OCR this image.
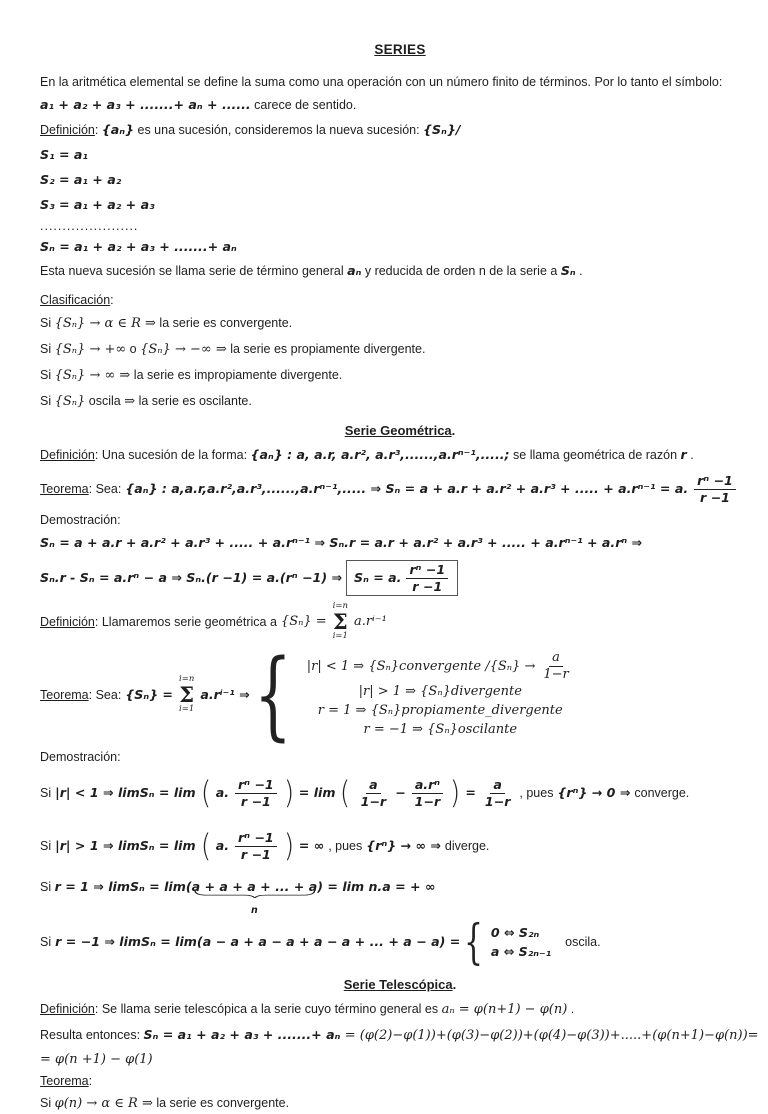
SERIES
En la aritmética elemental se define la suma como una operación con un número finito de términos. Por lo tanto el símbolo:
a₁ + a₂ + a₃ + .......+ aₙ + ...... carece de sentido.
Definición: {aₙ} es una sucesión, consideremos la nueva sucesión: {Sₙ}/
S₁ = a₁
S₂ = a₁ + a₂
S₃ = a₁ + a₂ + a₃
......................
Sₙ = a₁ + a₂ + a₃ + .......+ aₙ
Esta nueva sucesión se llama serie de término general aₙ y reducida de orden n de la serie a Sₙ .
Clasificación:
Si {Sₙ} → α ∈ R ⇒ la serie es convergente.
Si {Sₙ} → +∞ o {Sₙ} → −∞ ⇒ la serie es propiamente divergente.
Si {Sₙ} → ∞ ⇒ la serie es impropiamente divergente.
Si {Sₙ} oscila ⇒ la serie es oscilante.
Serie Geométrica.
Definición: Una sucesión de la forma: {aₙ} : a, a.r, a.r², a.r³,......,a.rⁿ⁻¹,.....; se llama geométrica de razón r .
Teorema: Sea: {aₙ} : a,a.r,a.r²,a.r³,......,a.rⁿ⁻¹,..... ⇒ Sₙ = a + a.r + a.r² + a.r³ + ..... + a.rⁿ⁻¹ = a. $\frac{\text{rⁿ −1}}{r -1}$
Demostración:
Sₙ = a + a.r + a.r² + a.r³ + ..... + a.rⁿ⁻¹ ⇒ Sₙ.r = a.r + a.r² + a.r³ + ..... + a.rⁿ⁻¹ + a.rⁿ ⇒
Sₙ.r - Sₙ = a.rⁿ − a ⇒ Sₙ.(r −1) = a.(rⁿ −1) ⇒ Sₙ = a. $\frac{\text{rⁿ −1}}{r -1}$
Definición: Llamaremos serie geométrica a {Sₙ} =
i=n
Σ
i=1
a.rⁱ⁻¹
Teorema: Sea: {Sₙ} =
i=n
Σ
i=1
a.rⁱ⁻¹ ⇒ { |r| < 1 ⇒ {Sₙ}convergente $/\{S_n\} \to \frac{a}{1-r}$
|r| > 1 ⇒ {Sₙ}divergente
r = 1 ⇒ {Sₙ}propiamente_divergente
r = −1 ⇒ {Sₙ}oscilante
Demostración:
Si |r| < 1 ⇒ limSₙ = lim ( a. $\frac{\text{rⁿ −1}}{r -1}$ ) = lim ( $\frac{a}{1-r} - \frac{\text{a.rⁿ}}{1-r}$ ) = $\frac{a}{1-r}$ , pues {rⁿ} → 0 ⇒ converge.
Si |r| > 1 ⇒ limSₙ = lim ( a. $\frac{\text{rⁿ −1}}{r -1}$ ) = ∞ , pues {rⁿ} → ∞ ⇒ diverge.
Si r = 1 ⇒ limSₙ = lim(a + a + a + ... + a
n
) = lim n.a = + ∞
Si r = −1 ⇒ limSₙ = lim(a − a + a − a + a − a + ... + a − a) = { 0 ⇔ S₂ₙ
a ⇔ S₂ₙ₋₁
oscila.
Serie Telescópica.
Definición: Se llama serie telescópica a la serie cuyo término general es aₙ = φ(n+1) − φ(n) .
Resulta entonces: Sₙ = a₁ + a₂ + a₃ + .......+ aₙ = (φ(2)−φ(1))+(φ(3)−φ(2))+(φ(4)−φ(3))+.....+(φ(n+1)−φ(n))=
= φ(n +1) − φ(1)
Teorema:
Si φ(n) → α ∈ R ⇒ la serie es convergente.
